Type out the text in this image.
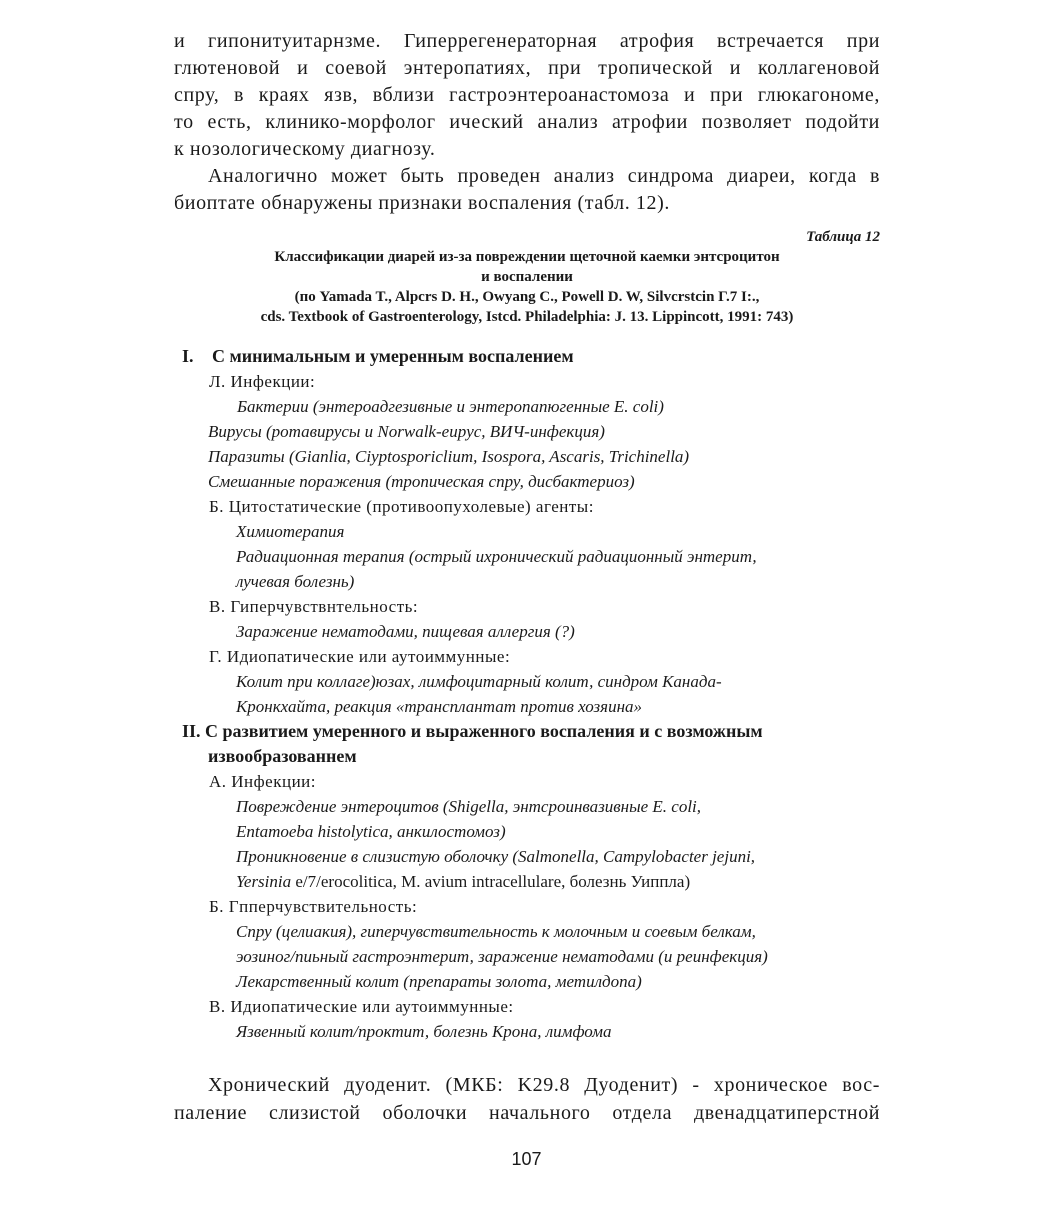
и гипонитуитарнзме. Гиперрегенераторная атрофия встречается при
глютеновой и соевой энтеропатиях, при тропической и коллагеновой
спру, в краях язв, вблизи гастроэнтероанастомоза и при глюкагономе,
то есть, клинико-морфолог ический анализ атрофии позволяет подойти
к нозологическому диагнозу.

Аналогично может быть проведен анализ синдрома диареи, когда в
биоптате обнаружены признаки воспаления (табл. 12).

Таблица 12
Классификации диарей из-за повреждении щеточной каемки энтсроцитон
и воспалении
(по Yamada T., Alpcrs D. H., Owyang C., Powell D. W, Silvcrstcin Г.7 I:.,
cds. Textbook of Gastroenterology, Istcd. Philadelphia: J. 13. Lippincott, 1991: 743)
I. С минимальным и умеренным воспалением
Л. Инфекции:
Бактерии (энтероадгезивные и энтеропапюгенные E. coli)
Вирусы (ротавирусы и Norwalk-eupyc, ВИЧ-инфекция)
Паразиты (Gianlia, Ciyptosporiclium, Isospora, Ascaris, Trichinella)
Смешанные поражения (тропическая спру, дисбактериоз)
Б. Цитостатические (противоопухолевые) агенты:
Химиотерапия
Радиационная терапия (острый ихронический радиационный энтерит,
лучевая болезнь)
В. Гиперчувствнтельность:
Заражение нематодами, пищевая аллергия (?)
Г. Идиопатические или аутоиммунные:
Колит при коллаге)юзах, лимфоцитарный колит, синдром Канада-
Кронкхайта, реакция «трансплантат против хозяина»
II. С развитием умеренного и выраженного воспаления и с возможным
извообразованнем
А. Инфекции:
Повреждение энтероцитов (Shigella, энтсроинвазивные E. coli,
Entamoeba histolytica, анкилостомоз)
Проникновение в слизистую оболочку (Salmonella, Campylobacter jejuni,
Yersinia e/7/erocolitica, M. avium intracellulare, болезнь Уиппла)
Б. Гпперчувствительность:
Спру (целиакия), гиперчувствительность к молочным и соевым белкам,
эозиног/пиьный гастроэнтерит, заражение нематодами (и реинфекция)
Лекарственный колит (препараты золота, метилдопа)
В. Идиопатические или аутоиммунные:
Язвенный колит/проктит, болезнь Крона, лимфома

Хронический дуоденит. (МКБ: K29.8 Дуоденит) - хроническое вос-
паление слизистой оболочки начального отдела двенадцатиперстной

107
